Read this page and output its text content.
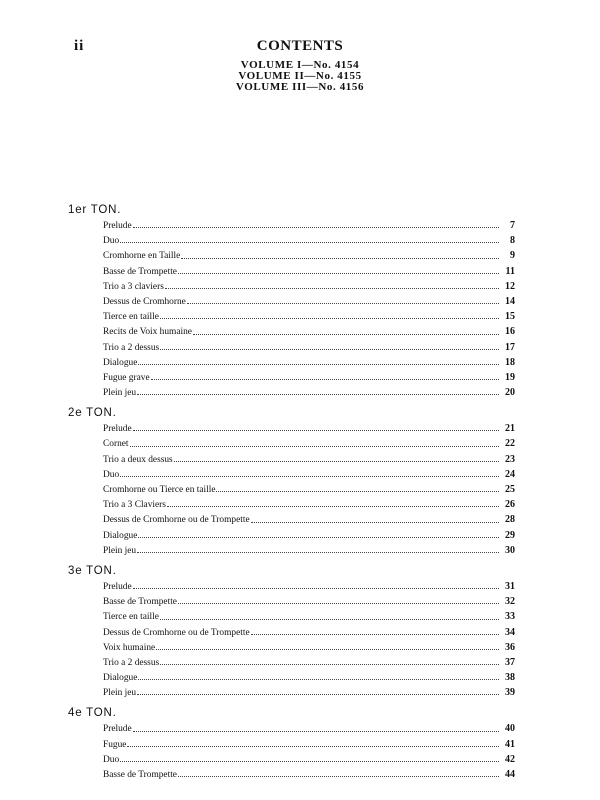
ii	CONTENTS
VOLUME I—No. 4154
VOLUME II—No. 4155
VOLUME III—No. 4156
1er TON.
Prelude	7
Duo	8
Cromhorne en Taille	9
Basse de Trompette	11
Trio a 3 claviers	12
Dessus de Cromhorne	14
Tierce en taille	15
Recits de Voix humaine	16
Trio a 2 dessus	17
Dialogue	18
Fugue grave	19
Plein jeu	20
2e TON.
Prelude	21
Cornet	22
Trio a deux dessus	23
Duo	24
Cromhorne ou Tierce en taille	25
Trio a 3 Claviers	26
Dessus de Cromhorne ou de Trompette	28
Dialogue	29
Plein jeu	30
3e TON.
Prelude	31
Basse de Trompette	32
Tierce en taille	33
Dessus de Cromhorne ou de Trompette	34
Voix humaine	36
Trio a 2 dessus	37
Dialogue	38
Plein jeu	39
4e TON.
Prelude	40
Fugue	41
Duo	42
Basse de Trompette	44
